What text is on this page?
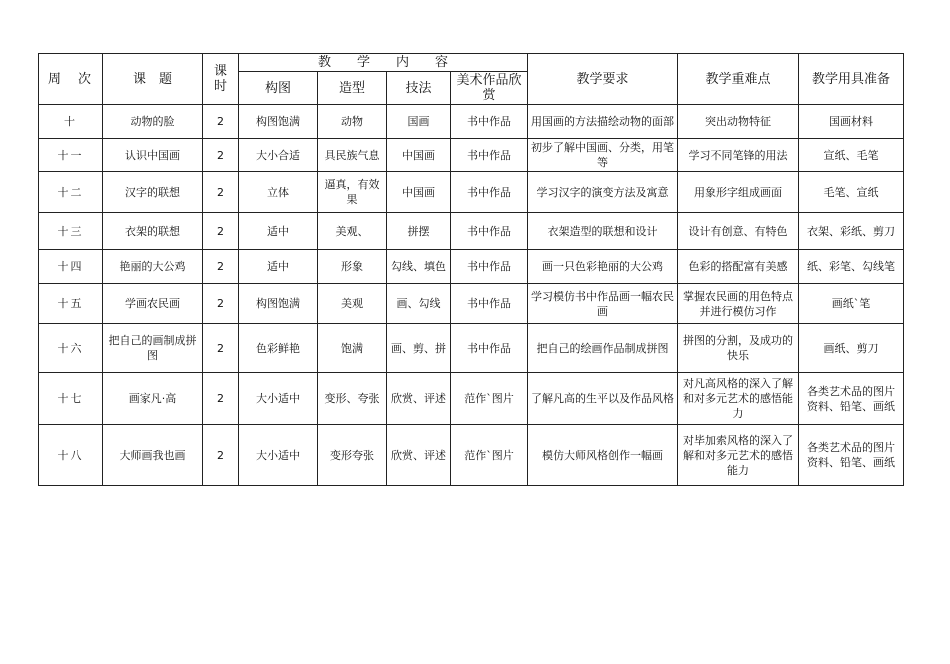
周　次	课　题	课 时	教　　学　　内　　容				教学要求	教学重难点	教学用具准备
			构图	造型	技法	美术作品欣赏			
十	动物的脸	2	构图饱满	动物	国画	书中作品	用国画的方法描绘动物的面部	突出动物特征	国画材料
十一	认识中国画	2	大小合适	具民族气息	中国画	书中作品	初步了解中国画、分类，用笔等	学习不同笔锋的用法	宣纸、毛笔
十二	汉字的联想	2	立体	逼真，有效果	中国画	书中作品	学习汉字的演变方法及寓意	用象形字组成画面	毛笔、宣纸
十三	衣架的联想	2	适中	美观、	拼摆	书中作品	衣架造型的联想和设计	设计有创意、有特色	衣架、彩纸、剪刀
十四	艳丽的大公鸡	2	适中	形象	勾线、填色	书中作品	画一只色彩艳丽的大公鸡	色彩的搭配富有美感	纸、彩笔、勾线笔
十五	学画农民画	2	构图饱满	美观	画、勾线	书中作品	学习模仿书中作品画一幅农民画	掌握农民画的用色特点并进行模仿习作	画纸`笔
十六	把自己的画制成拼图	2	色彩鲜艳	饱满	画、剪、拼	书中作品	把自己的绘画作品制成拼图	拼图的分割，及成功的快乐	画纸、剪刀
十七	画家凡·高	2	大小适中	变形、夸张	欣赏、评述	范作`图片	了解凡高的生平以及作品风格	对凡高风格的深入了解和对多元艺术的感悟能力	各类艺术品的图片资料、铅笔、画纸
十八	大师画我也画	2	大小适中	变形夸张	欣赏、评述	范作`图片	模仿大师风格创作一幅画	对毕加索风格的深入了解和对多元艺术的感悟能力	各类艺术品的图片资料、铅笔、画纸
